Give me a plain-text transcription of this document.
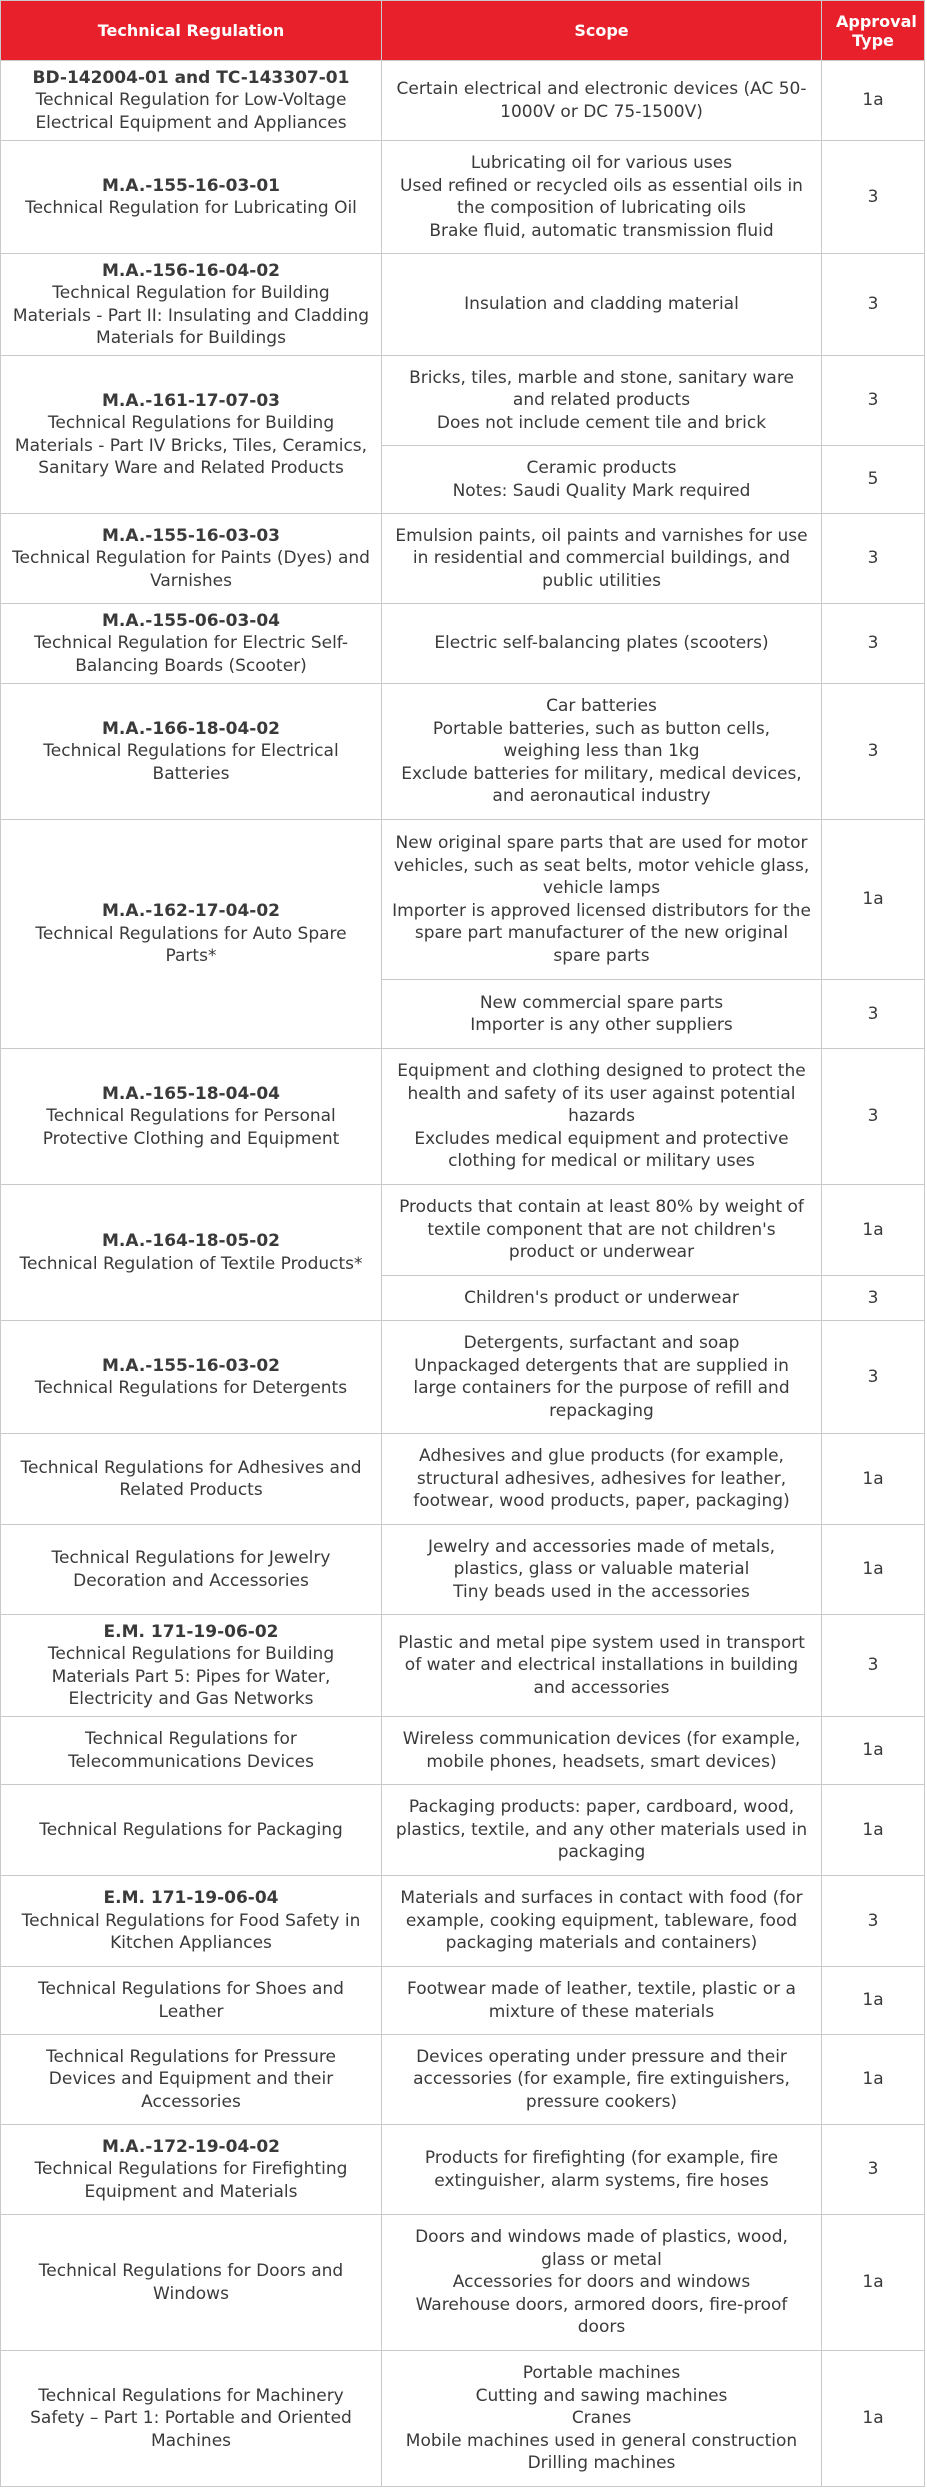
Technical Regulation	Scope	Approval Type

BD-142004-01 and TC-143307-01
Technical Regulation for Low-Voltage Electrical Equipment and Appliances	Certain electrical and electronic devices (AC 50-1000V or DC 75-1500V)	1a

M.A.-155-16-03-01
Technical Regulation for Lubricating Oil	Lubricating oil for various uses
Used refined or recycled oils as essential oils in the composition of lubricating oils
Brake fluid, automatic transmission fluid	3

M.A.-156-16-04-02
Technical Regulation for Building Materials - Part II: Insulating and Cladding Materials for Buildings	Insulation and cladding material	3

M.A.-161-17-07-03
Technical Regulations for Building Materials - Part IV Bricks, Tiles, Ceramics, Sanitary Ware and Related Products	Bricks, tiles, marble and stone, sanitary ware and related products
Does not include cement tile and brick	3

	Ceramic products
Notes: Saudi Quality Mark required	5

M.A.-155-16-03-03
Technical Regulation for Paints (Dyes) and Varnishes	Emulsion paints, oil paints and varnishes for use in residential and commercial buildings, and public utilities	3

M.A.-155-06-03-04
Technical Regulation for Electric Self-Balancing Boards (Scooter)	Electric self-balancing plates (scooters)	3

M.A.-166-18-04-02
Technical Regulations for Electrical Batteries	Car batteries
Portable batteries, such as button cells, weighing less than 1kg
Exclude batteries for military, medical devices, and aeronautical industry	3

M.A.-162-17-04-02
Technical Regulations for Auto Spare Parts*	New original spare parts that are used for motor vehicles, such as seat belts, motor vehicle glass, vehicle lamps
Importer is approved licensed distributors for the spare part manufacturer of the new original spare parts	1a

	New commercial spare parts
Importer is any other suppliers	3

M.A.-165-18-04-04
Technical Regulations for Personal Protective Clothing and Equipment	Equipment and clothing designed to protect the health and safety of its user against potential hazards
Excludes medical equipment and protective clothing for medical or military uses	3

M.A.-164-18-05-02
Technical Regulation of Textile Products*	Products that contain at least 80% by weight of textile component that are not children's product or underwear	1a

	Children's product or underwear	3

M.A.-155-16-03-02
Technical Regulations for Detergents	Detergents, surfactant and soap
Unpackaged detergents that are supplied in large containers for the purpose of refill and repackaging	3

Technical Regulations for Adhesives and Related Products	Adhesives and glue products (for example, structural adhesives, adhesives for leather, footwear, wood products, paper, packaging)	1a

Technical Regulations for Jewelry Decoration and Accessories	Jewelry and accessories made of metals, plastics, glass or valuable material
Tiny beads used in the accessories	1a

E.M. 171-19-06-02
Technical Regulations for Building Materials Part 5: Pipes for Water, Electricity and Gas Networks	Plastic and metal pipe system used in transport of water and electrical installations in building and accessories	3

Technical Regulations for Telecommunications Devices	Wireless communication devices (for example, mobile phones, headsets, smart devices)	1a

Technical Regulations for Packaging	Packaging products: paper, cardboard, wood, plastics, textile, and any other materials used in packaging	1a

E.M. 171-19-06-04
Technical Regulations for Food Safety in Kitchen Appliances	Materials and surfaces in contact with food (for example, cooking equipment, tableware, food packaging materials and containers)	3

Technical Regulations for Shoes and Leather	Footwear made of leather, textile, plastic or a mixture of these materials	1a

Technical Regulations for Pressure Devices and Equipment and their Accessories	Devices operating under pressure and their accessories (for example, fire extinguishers, pressure cookers)	1a

M.A.-172-19-04-02
Technical Regulations for Firefighting Equipment and Materials	Products for firefighting (for example, fire extinguisher, alarm systems, fire hoses	3

Technical Regulations for Doors and Windows	Doors and windows made of plastics, wood, glass or metal
Accessories for doors and windows
Warehouse doors, armored doors, fire-proof doors	1a

Technical Regulations for Machinery Safety – Part 1: Portable and Oriented Machines	Portable machines
Cutting and sawing machines
Cranes
Mobile machines used in general construction
Drilling machines	1a
